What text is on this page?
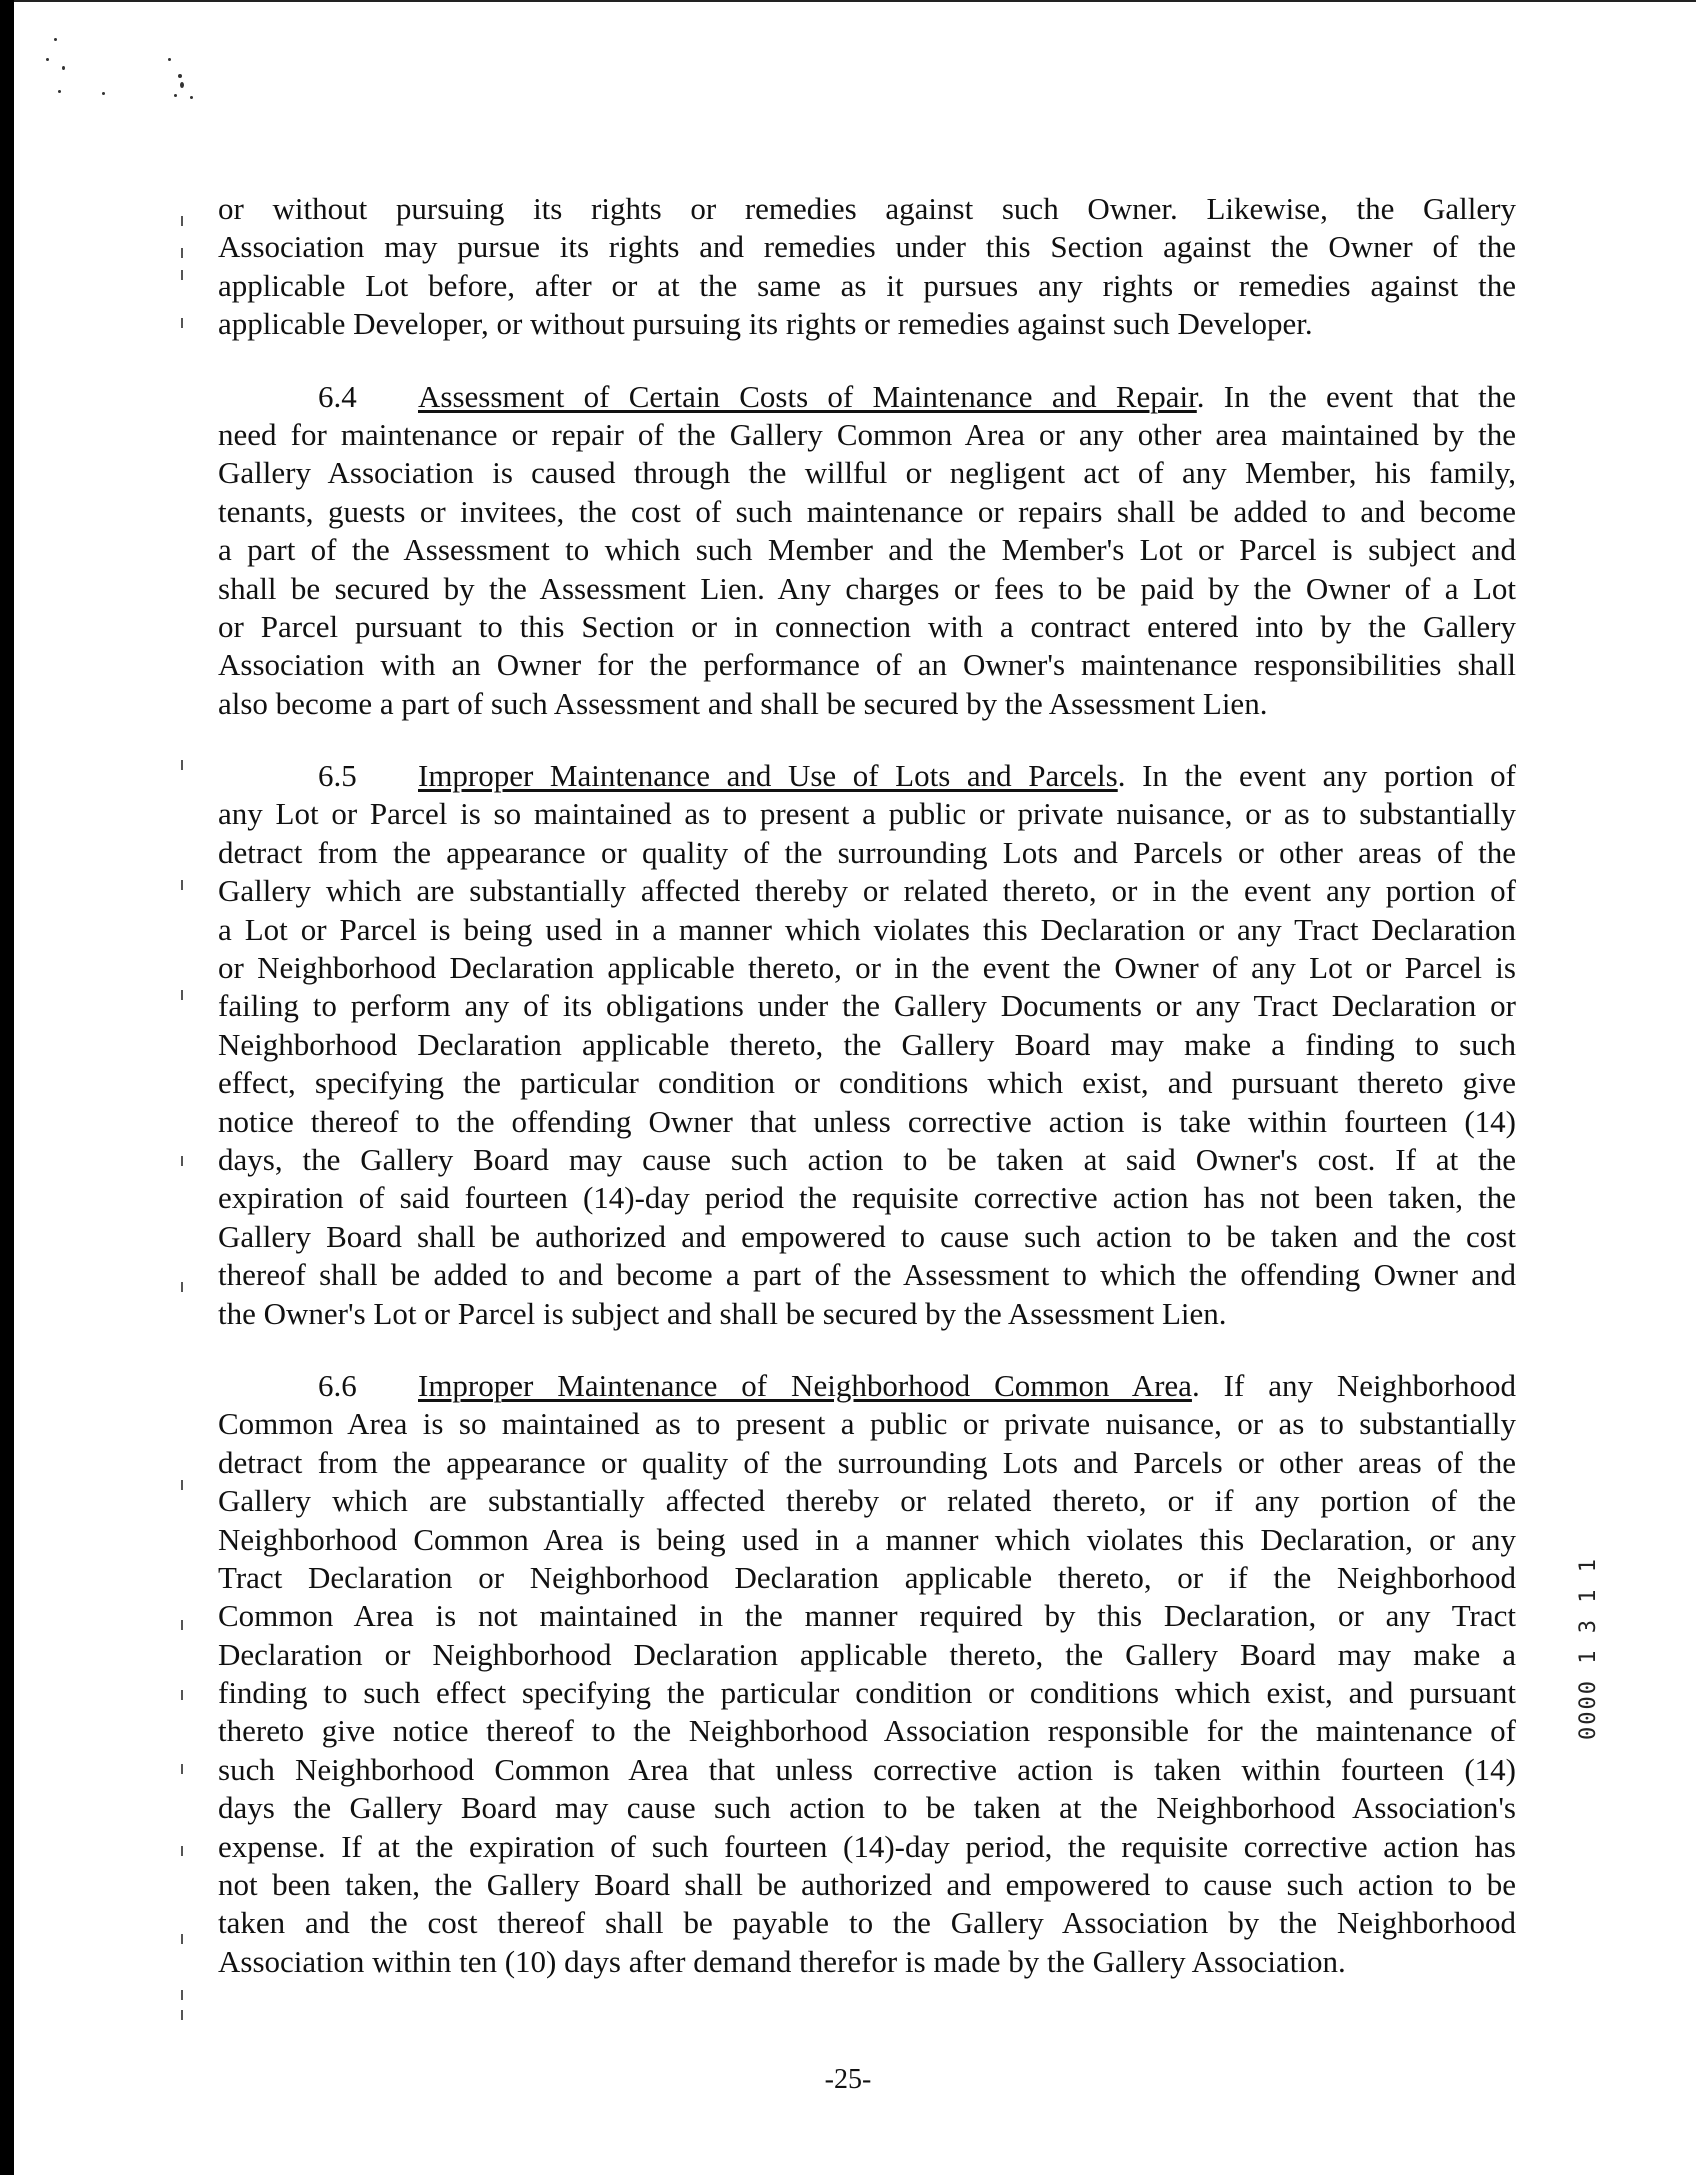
or without pursuing its rights or remedies against such Owner. Likewise, the Gallery
Association may pursue its rights and remedies under this Section against the Owner of the
applicable Lot before, after or at the same as it pursues any rights or remedies against the
applicable Developer, or without pursuing its rights or remedies against such Developer.
6.4 Assessment of Certain Costs of Maintenance and Repair. In the event that the
need for maintenance or repair of the Gallery Common Area or any other area maintained by the
Gallery Association is caused through the willful or negligent act of any Member, his family,
tenants, guests or invitees, the cost of such maintenance or repairs shall be added to and become
a part of the Assessment to which such Member and the Member's Lot or Parcel is subject and
shall be secured by the Assessment Lien. Any charges or fees to be paid by the Owner of a Lot
or Parcel pursuant to this Section or in connection with a contract entered into by the Gallery
Association with an Owner for the performance of an Owner's maintenance responsibilities shall
also become a part of such Assessment and shall be secured by the Assessment Lien.
6.5 Improper Maintenance and Use of Lots and Parcels. In the event any portion of
any Lot or Parcel is so maintained as to present a public or private nuisance, or as to substantially
detract from the appearance or quality of the surrounding Lots and Parcels or other areas of the
Gallery which are substantially affected thereby or related thereto, or in the event any portion of
a Lot or Parcel is being used in a manner which violates this Declaration or any Tract Declaration
or Neighborhood Declaration applicable thereto, or in the event the Owner of any Lot or Parcel is
failing to perform any of its obligations under the Gallery Documents or any Tract Declaration or
Neighborhood Declaration applicable thereto, the Gallery Board may make a finding to such
effect, specifying the particular condition or conditions which exist, and pursuant thereto give
notice thereof to the offending Owner that unless corrective action is take within fourteen (14)
days, the Gallery Board may cause such action to be taken at said Owner's cost. If at the
expiration of said fourteen (14)-day period the requisite corrective action has not been taken, the
Gallery Board shall be authorized and empowered to cause such action to be taken and the cost
thereof shall be added to and become a part of the Assessment to which the offending Owner and
the Owner's Lot or Parcel is subject and shall be secured by the Assessment Lien.
6.6 Improper Maintenance of Neighborhood Common Area. If any Neighborhood
Common Area is so maintained as to present a public or private nuisance, or as to substantially
detract from the appearance or quality of the surrounding Lots and Parcels or other areas of the
Gallery which are substantially affected thereby or related thereto, or if any portion of the
Neighborhood Common Area is being used in a manner which violates this Declaration, or any
Tract Declaration or Neighborhood Declaration applicable thereto, or if the Neighborhood
Common Area is not maintained in the manner required by this Declaration, or any Tract
Declaration or Neighborhood Declaration applicable thereto, the Gallery Board may make a
finding to such effect specifying the particular condition or conditions which exist, and pursuant
thereto give notice thereof to the Neighborhood Association responsible for the maintenance of
such Neighborhood Common Area that unless corrective action is taken within fourteen (14)
days the Gallery Board may cause such action to be taken at the Neighborhood Association's
expense. If at the expiration of such fourteen (14)-day period, the requisite corrective action has
not been taken, the Gallery Board shall be authorized and empowered to cause such action to be
taken and the cost thereof shall be payable to the Gallery Association by the Neighborhood
Association within ten (10) days after demand therefor is made by the Gallery Association.
0000 1 3 1 1
-25-
